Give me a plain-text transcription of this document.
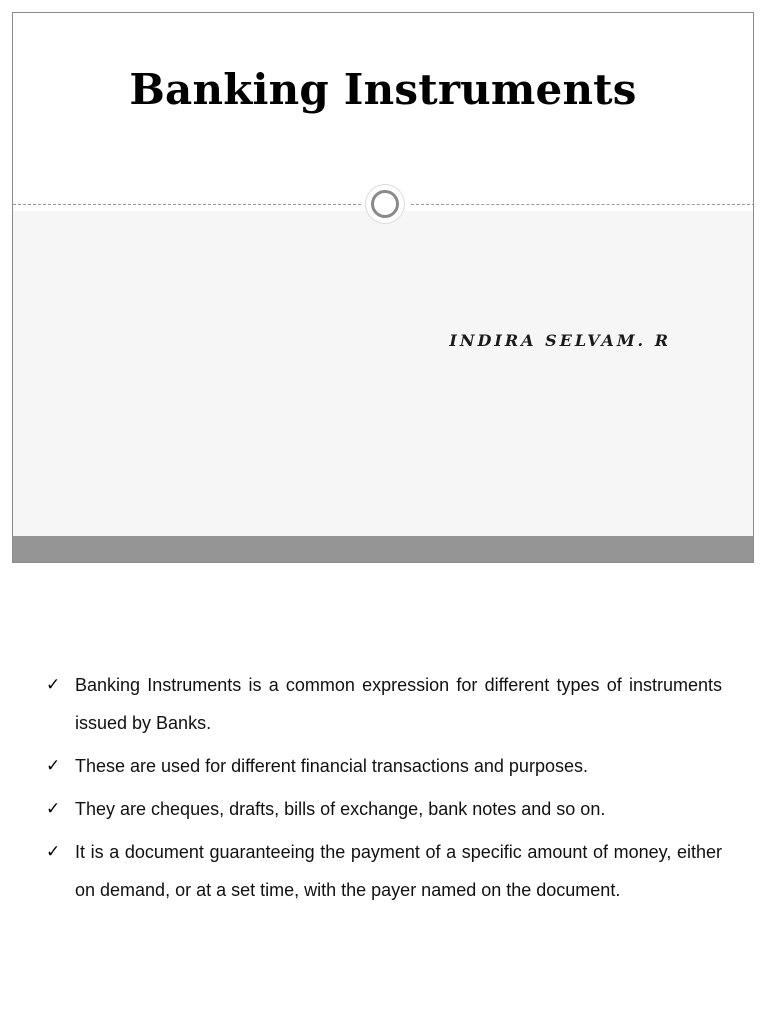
Banking Instruments
INDIRA SELVAM. R
✓ Banking Instruments is a common expression for different types of instruments issued by Banks.
✓ These are used for different financial transactions and purposes.
✓ They are cheques, drafts, bills of exchange, bank notes and so on.
✓ It is a document guaranteeing the payment of a specific amount of money, either on demand, or at a set time, with the payer named on the document.
